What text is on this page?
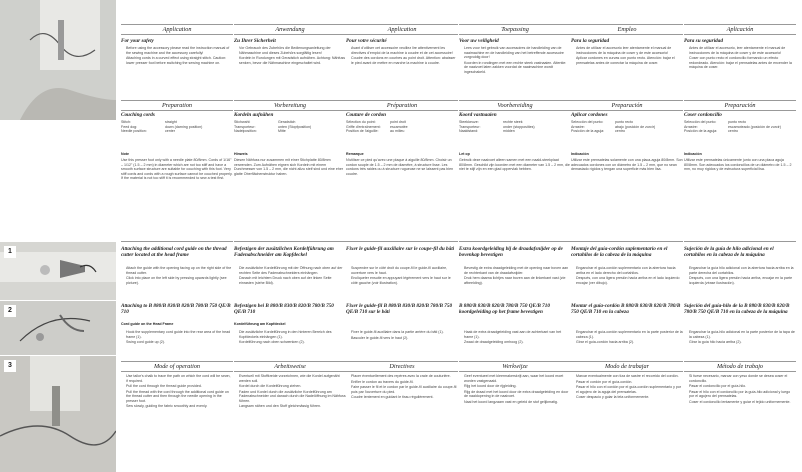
1
2
3
Application
For your safety
• Before using the accessory please read the instruction manual of the sewing machine and the accessory carefully!
• Attaching cords in a curved effect using straight stitch. Caution: lower presser foot before switching the sewing machine on.
Preparation
Couching cords
Stitch:	straight
Feed dog:	down (darning position)
Needle position:	center
Note
Use this presser foot only with a needle plate 80/8mm. Cords of 1/16" – 1/12" (1.5 – 2 mm) in diameter which are not too stiff and have a smooth surface structure are suitable for couching with this foot. Very stiff cords and cords with a rough surface cannot be couched properly. If the material is not too stiff it is recommended to sew a test first.
Attaching the additional cord guide on the thread cutter located at the head frame
• Attach the guide with the opening facing up on the right side of the thread cutter.
• Click into place on the left side by pressing upwards lightly (see picture).
Attaching to B 880/B 830/B 820/B 780/B 750 QE/B 710
Cord guide on the Head Frame
• Hook the supplementary cord guide into the rear area of the head frame (1).
• Swing cord guide up (2).
Mode of operation
• Use tailor's chalk to trace the path on which the cord will be sewn, if required.
• Pull the cord through the thread guide provided.
• Pull the thread with the cord through the additional cord guide on the thread cutter and then through the needle opening in the presser foot.
• Sew slowly, guiding the fabric smoothly and evenly.
Anwendung
Zu Ihrer Sicherheit
• Vor Gebrauch des Zubehörs die Bedienungsanleitung der Nähmaschine und dieses Zubehörs sorgfältig lesen!
• Kordeln in Rundungen mit Geradstich aufnähen. Achtung: Nähfuss senken, bevor die Nähmaschine eingeschaltet wird.
Vorbereitung
Kordeln aufnähen
Stichwahl:	Geradstich
Transporteur:	unten (Stopfposition)
Nadelposition:	Mitte
Hinweis
Diesen Nähfuss nur zusammen mit einer Stichplatte 80/8mm verwenden. Zum Aufnähen eignen sich Kordeln mit einem Durchmesser von 1.5 – 2 mm, die nicht allzu steif sind und eine eher glatte Oberflächenstruktur haben.
Befestigen der zusätzlichen Kordelführung am Fadenabschneider am Kopfdeckel
• Die zusätzliche Kordelführung mit der Öffnung nach oben auf der rechten Seite des Fadenabschneiders einhängen.
• Danach mit leichtem Druck nach oben auf der linken Seite einrasten (siehe Bild).
Befestigen bei B 880/B 830/B 820/B 780/B 750 QE/B 710
Kordelführung am Kopfdeckel
• Die zusätzliche Kordelführung in den hinteren Bereich des Kopfdeckels einhängen (1).
• Kordelführung nach oben schwenken (2).
Arbeitsweise
• Eventuell mit Stoffkreide vorzeichnen, wie die Kordel aufgenäht werden soll.
• Kordel durch die Kordelführung ziehen.
• Faden und Kordel durch die zusätzliche Kordelführung am Fadenabschneider und danach durch die Nadelöffnung im Nähfuss führen.
• Langsam nähen und den Stoff gleichmässig führen.
Application
Pour votre sécurité
• Avant d'utiliser cet accessoire veuillez lire attentivement les directives d'emploi de la machine à coudre et de cet accessoire!
• Coudre des cordons en courbes au point droit. Attention: abaisser le pied avant de mettre en marche la machine à coudre.
Préparation
Couture de cordon
Sélection du point:	point droit
Griffe d'entraînement:	escamotée
Position de l'aiguille:	au milieu
Remarque
N'utiliser ce pied qu'avec une plaque à aiguille 80/8mm. Choisir un cordon souple de 1.5 – 2 mm de diamètre, à structure lisse. Les cordons très raides ou à structure rugueuse ne se laissent pas bien coudre.
Fixer le guide-fil auxiliaire sur le coupe-fil du bâti
• Suspendre sur le côté droit du coupe-fil le guide-fil auxiliaire, ouverture vers le haut.
• Encliqueter ensuite en appuyant légèrement vers le haut sur le côté gauche (voir illustration).
Fixer le guide-fil B 880/B 830/B 820/B 780/B 750 QE/B 710 sur le bâti
• Fixer le guide-fil auxiliaire dans la partie arrière du bâti (1).
• Basculer le guide-fil vers le haut (2).
Directives
• Placer éventuellement des repères avec la craie de couturière.
• Enfiler le cordon au travers du guide-fil.
• Faire passer le fil et le cordon par le guide-fil auxiliaire du coupe-fil puis par l'ouverture du pied.
• Coudre lentement en guidant le tissu régulièrement.
Toepassing
Voor uw veiligheid
• Lees voor het gebruik van accessoires de handleiding van de naaimachine en de handleiding van het betreffende accessoire zorgvuldig door!
• Koorden in rondingen met een rechte steek vastnaaien. Attentie: de naaivoet laten zakken voordat de naaimachine wordt ingeschakeld.
Voorbereiding
Koord vastnaaien
Steekkeuze:	rechte steek
Transporteur:	onder (stopposities)
Naaldstand:	midden
Let op
Gebruik deze naaivoet alleen samen met een naald-steekplaat 80/8mm. Geschikt zijn koorden met een diameter van 1.5 – 2 mm, die niet te stijf zijn en een glad oppervlak hebben.
Extra koordgeleiding bij de draadafsnijder op de bovenkap bevestigen
• Bevestig de extra draadgeleiding met de opening naar boven aan de rechterkant van de draadafsnijder.
• Druk hem daarna lichtjes naar boven aan de linkerkant vast (zie afbeelding).
B 880/B 830/B 820/B 780/B 750 QE/B 710 koordgeleiding op het frame bevestigen
• Haak de extra draadgeleiding vast aan de achterkant van het frame (1).
• Zwaai de draadgeleiding omhoog (2).
Werkwijze
• Geef eventueel met kleermakerskrijt aan, waar het koord moet worden vastgenaaid.
• Rijg het koord door de rijgleiding.
• Rijg de draad met het koord door de extra draadgeleiding en door de naaldopening in de naaivoet.
• Naai het koord langzaam vast en geleid de stof gelijkmatig.
Empleo
Para la seguridad
• Antes de utilizar el accesorio leer atentamente el manual de instrucciones de la máquina de coser y de este accesorio!
• Aplicar cordones en curvas con punto recto. Atención: bajar el prensatelas antes de conectar la máquina de coser.
Preparación
Aplicar cordones
Selección del punto:	punto recto
Arrastre:	abajo (posición de zurcir)
Posición de la aguja:	centro
Indicación
Utilizar este prensatelas solamente con una placa-aguja 80/8mm. Son adecuados cordones con un diámetro de 1.5 – 2 mm, que no sean demasiado rígidos y tengan una superficie más bien lisa.
Montaje del guía-cordón suplementario en el cortahilos de la cabeza de la máquina
• Enganchar el guía-cordón suplementario con la abertura hacia arriba en el lado derecho del cortahilos.
• Después, con una ligera presión hacia arriba en el lado izquierdo encajar (ver dibujo).
Montar el guía-cordón B 880/B 830/B 820/B 780/B 750 QE/B 710 en la cabeza
• Enganchar el guía-cordón suplementario en la parte posterior de la cabeza (1).
• Girar el guía-cordón hacia arriba (2).
Modo de trabajar
• Marcar eventualmente con tiza de sastre el recorrido del cordón.
• Pasar el cordón por el guía-cordón.
• Pasar el hilo con el cordón por el guía-cordón suplementario y por el agujero de la aguja del prensatelas.
• Coser despacio y guiar la tela uniformemente.
Aplicación
Para su seguridad
• Antes de utilizar el accesorio, leer atentamente el manual de instrucciones de la máquina de coser y de este accesorio!
• Coser con punto recto el cordoncillo formando un efecto redondeado. Atención: bajar el prensatelas antes de encender la máquina de coser.
Preparación
Coser cordoncillo
Selección del punto:	punto recto
Arrastre:	escamoteado (posición de zurcir)
Posición de la aguja:	centro
Indicación
Utilizar este prensatelas únicamente junto con una placa aguja 80/8mm. Son adecuados los cordoncillos de un diámetro de 1.5 – 2 mm, no muy rígidos y de estructura superficial lisa.
Sujeción de la guía de hilo adicional en el cortahilos en la cabeza de la máquina
• Enganchar la guía hilo adicional con la abertura hacia arriba en la parte derecha del cortahilos.
• Después, con una ligera presión hacia arriba, encajar en la parte izquierda (véase ilustración).
Sujeción del guía-hilo de la B 880/B 830/B 820/B 780/B 750 QE/B 710 en la cabeza de la máquina
• Enganchar la guía-hilo adicional en la parte posterior de la tapa de la cabeza (1).
• Girar la guía hilo hacia arriba (2).
Método de trabajo
• Si fuese necesario, marcar con yeso donde se desea coser el cordoncillo.
• Pasar el cordoncillo por el guía-hilo.
• Pasar el hilo con el cordoncillo por la guía-hilo adicional y luego por el agujero del prensatelas.
• Coser el cordoncillo lentamente y guiar el tejido uniformemente.
